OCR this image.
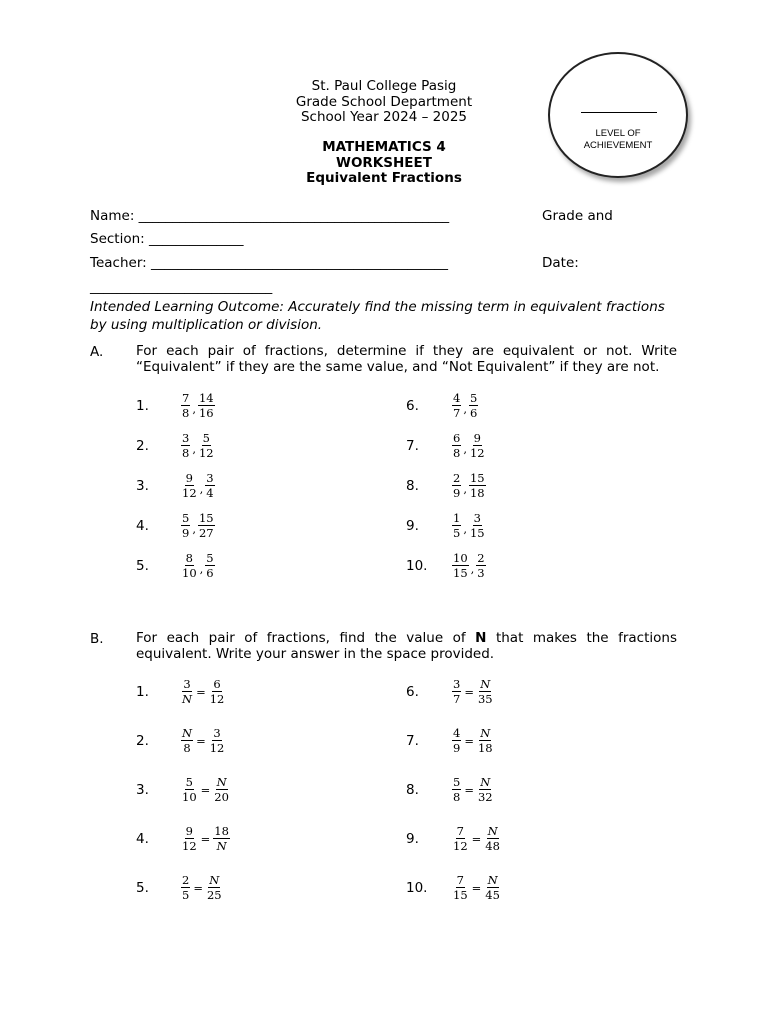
St. Paul College Pasig
Grade School Department
School Year 2024 – 2025
MATHEMATICS 4
WORKSHEET
Equivalent Fractions
LEVEL OF
ACHIEVEMENT
Name: ______________________________________________	Grade and
Section: ______________
Teacher: ____________________________________________	Date:
___________________________
Intended Learning Outcome: Accurately find the missing term in equivalent fractions by using multiplication or division.
A. For each pair of fractions, determine if they are equivalent or not. Write “Equivalent” if they are the same value, and “Not Equivalent” if they are not.
1.	$\frac{7}{8}$ , $\frac{14}{16}$
2.	$\frac{3}{8}$ , $\frac{5}{12}$
3.	$\frac{9}{12}$ , $\frac{3}{4}$
4.	$\frac{5}{9}$ , $\frac{15}{27}$
5.	$\frac{8}{10}$ , $\frac{5}{6}$
6.	$\frac{4}{7}$ , $\frac{5}{6}$
7.	$\frac{6}{8}$ , $\frac{9}{12}$
8.	$\frac{2}{9}$ , $\frac{15}{18}$
9.	$\frac{1}{5}$ , $\frac{3}{15}$
10. $\frac{10}{15}$ , $\frac{2}{3}$
B. For each pair of fractions, find the value of N that makes the fractions equivalent. Write your answer in the space provided.
1.	$\frac{3}{N} = \frac{6}{12}$
2.	$\frac{N}{8} = \frac{3}{12}$
3.	$\frac{5}{10} = \frac{N}{20}$
4.	$\frac{9}{12} = \frac{18}{N}$
5.	$\frac{2}{5} = \frac{N}{25}$
6.	$\frac{3}{7} = \frac{N}{35}$
7.	$\frac{4}{9} = \frac{N}{18}$
8.	$\frac{5}{8} = \frac{N}{32}$
9.	$\frac{7}{12} = \frac{N}{48}$
10. $\frac{7}{15} = \frac{N}{45}$
